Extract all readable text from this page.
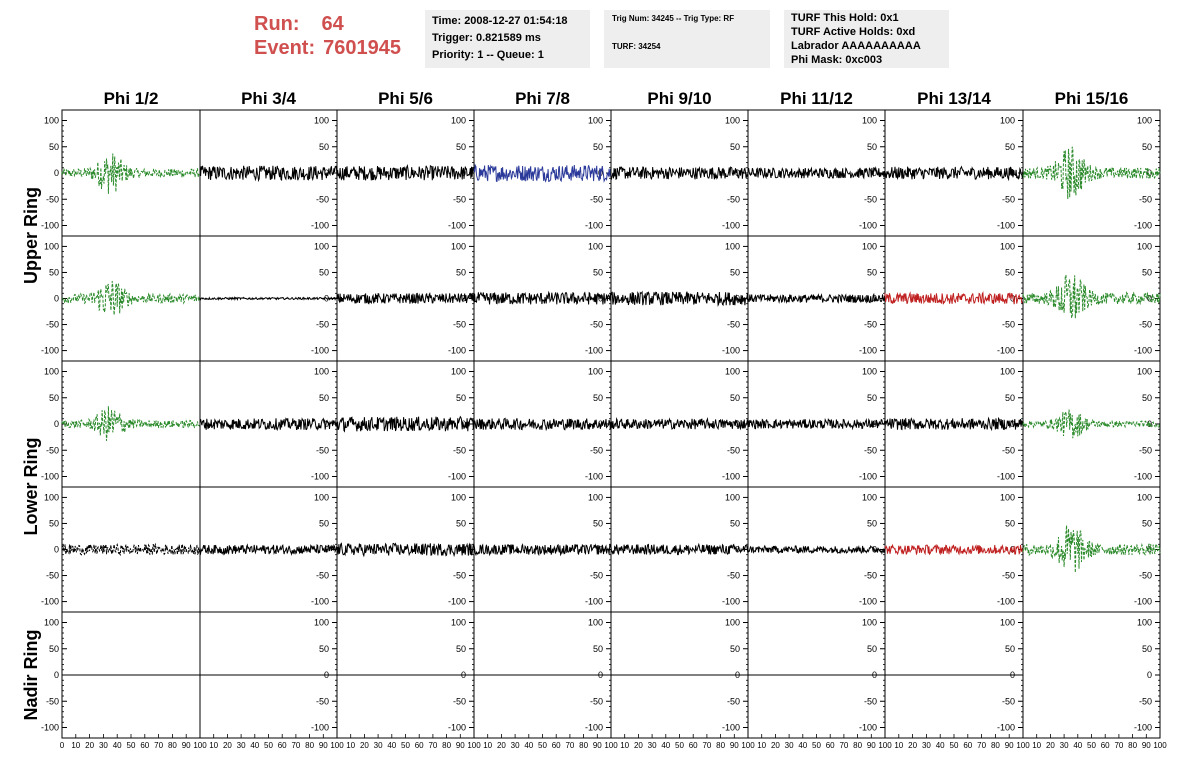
Run: 64
Event: 7601945
Time: 2008-12-27 01:54:18
Trigger: 0.821589 ms
Priority: 1 -- Queue: 1
Trig Num: 34245 -- Trig Type: RF
TURF: 34254
TURF This Hold: 0x1
TURF Active Holds: 0xd
Labrador AAAAAAAAAA
Phi Mask: 0xc003
Phi 1/2	Phi 3/4	Phi 5/6	Phi 7/8	Phi 9/10	Phi 11/12	Phi 13/14	Phi 15/16
Upper Ring
Lower Ring
Nadir Ring
-100
-50
0
50
100
-100
-50
0
50
100
-100
-50
0
50
100
-100
-50
0
50
100
-100
-50
0
50
100
-100
-50
0
50
100
-100
-50
0
50
100
-100
-50
0
50
100
-100
-50
0
50
100
-100
-50
0
50
100
-100
-50
0
50
100
-100
-50
0
50
100
-100
-50
0
50
100
-100
-50
0
50
100
-100
-50
0
50
100
-100
-50
0
50
100
-100
-50
0
50
100
-100
-50
0
50
100
-100
-50
0
50
100
-100
-50
0
50
100
-100
-50
0
50
100
-100
-50
0
50
100
-100
-50
0
50
100
-100
-50
0
50
100
-100
-50
0
50
100
-100
-50
0
50
100
-100
-50
0
50
100
-100
-50
0
50
100
-100
-50
0
50
100
-100
-50
0
50
100
-100
-50
0
50
100
-100
-50
0
50
100
-100
-50
0
50
100
-100
-50
0
50
100
-100
-50
0
50
100
-100
-50
0
50
100
-100
-50
0
50
100
-100
-50
0
50
100
-100
-50
0
50
100
-100
-50
0
50
100
0 10 20 30 40 50 60 70 80 90 100 10 20 30 40 50 60 70 80 90 100 10 20 30 40 50 60 70 80 90 100 10 20 30 40 50 60 70 80 90 100 10 20 30 40 50 60 70 80 90 100 10 20 30 40 50 60 70 80 90 100 10 20 30 40 50 60 70 80 90 100 10 20 30 40 50 60 70 80 90 100
